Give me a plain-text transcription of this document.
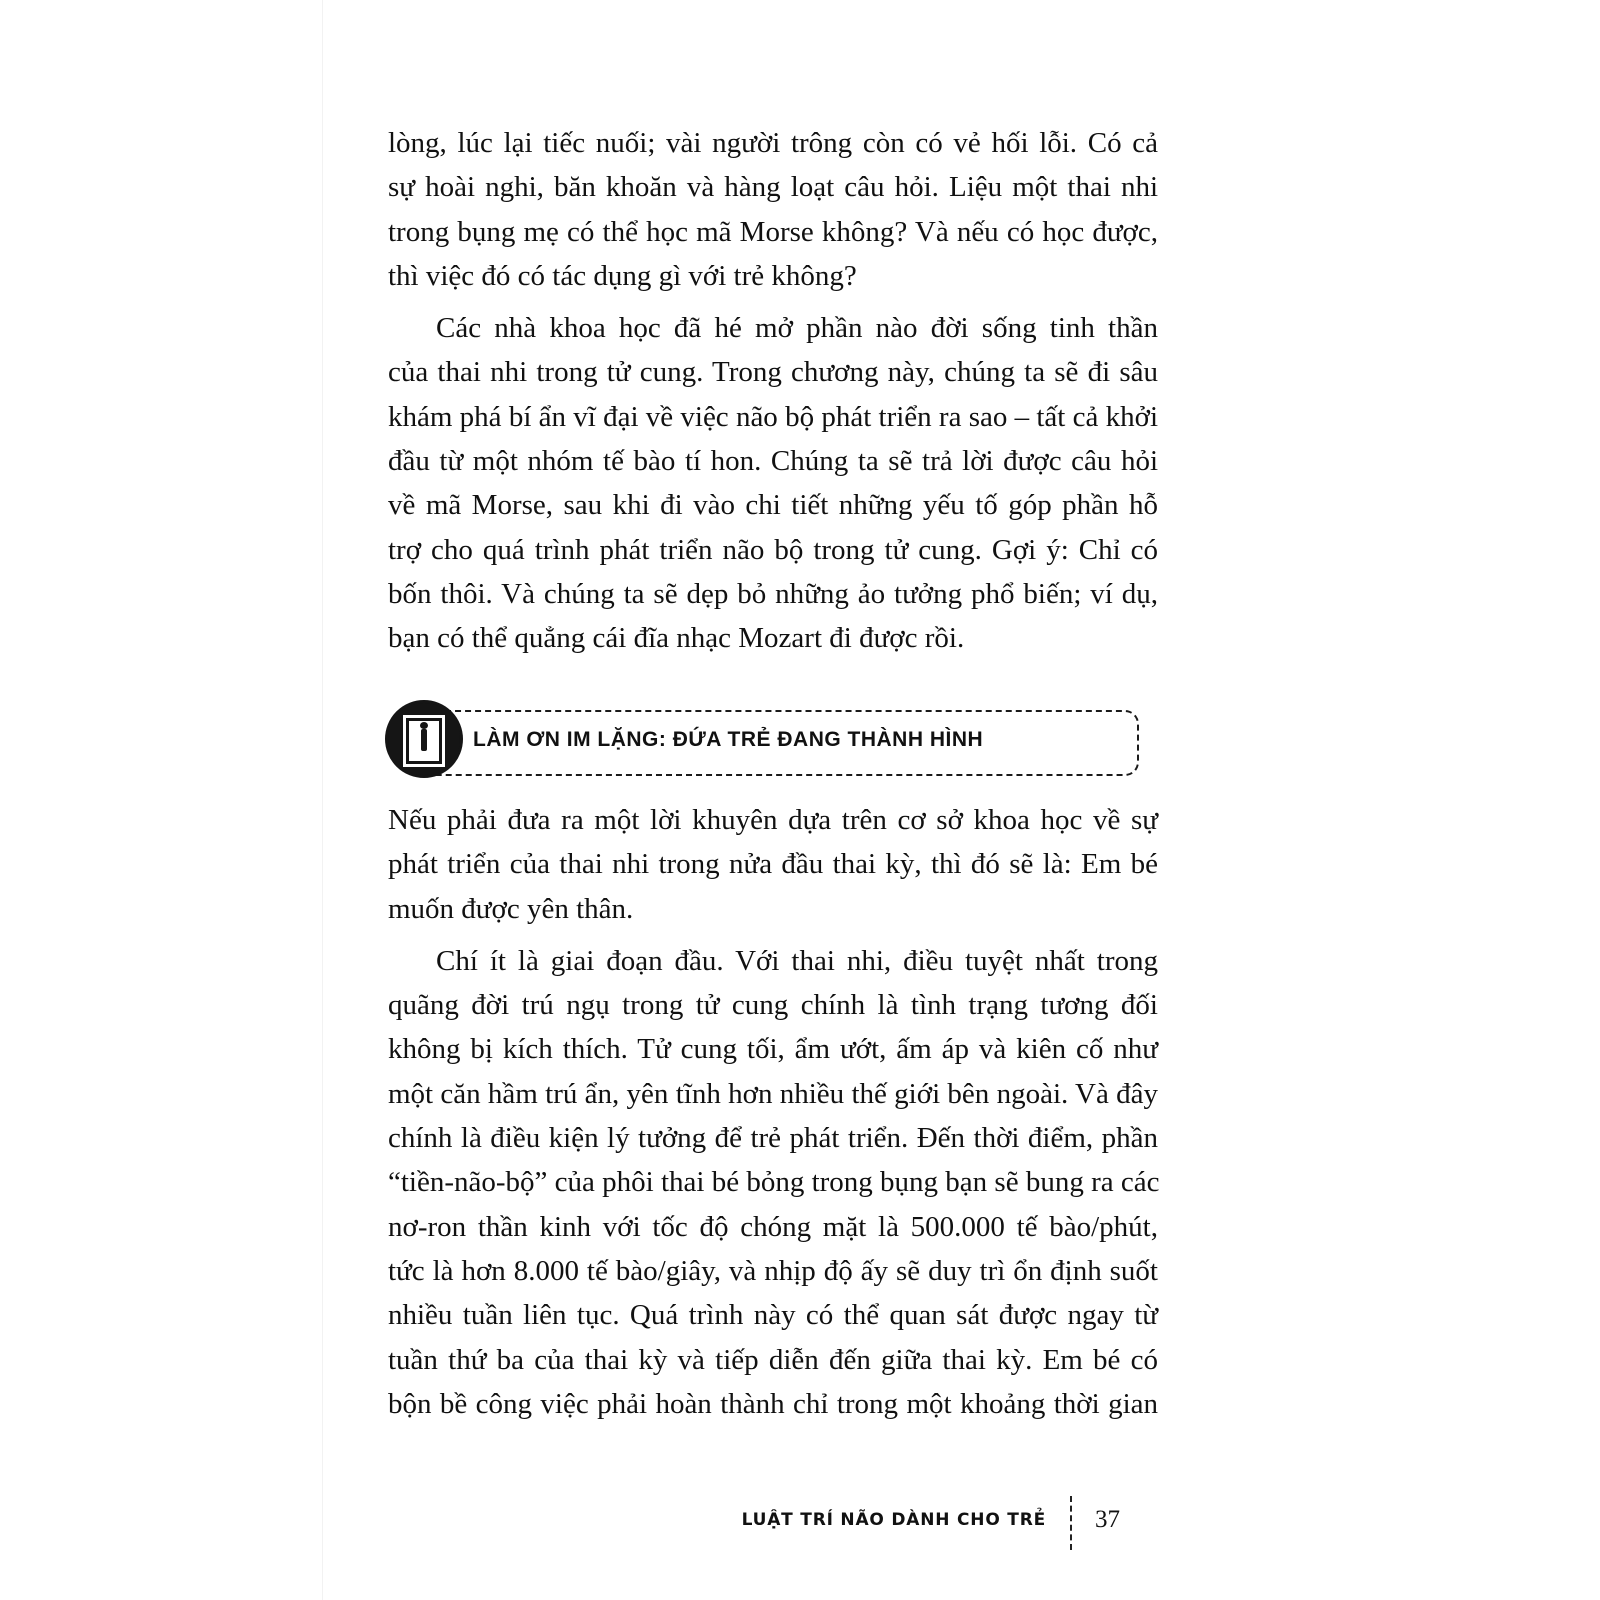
lòng, lúc lại tiếc nuối; vài người trông còn có vẻ hối lỗi. Có cả
sự hoài nghi, băn khoăn và hàng loạt câu hỏi. Liệu một thai nhi
trong bụng mẹ có thể học mã Morse không? Và nếu có học được,
thì việc đó có tác dụng gì với trẻ không?
Các nhà khoa học đã hé mở phần nào đời sống tinh thần
của thai nhi trong tử cung. Trong chương này, chúng ta sẽ đi sâu
khám phá bí ẩn vĩ đại về việc não bộ phát triển ra sao – tất cả khởi
đầu từ một nhóm tế bào tí hon. Chúng ta sẽ trả lời được câu hỏi
về mã Morse, sau khi đi vào chi tiết những yếu tố góp phần hỗ
trợ cho quá trình phát triển não bộ trong tử cung. Gợi ý: Chỉ có
bốn thôi. Và chúng ta sẽ dẹp bỏ những ảo tưởng phổ biến; ví dụ,
bạn có thể quẳng cái đĩa nhạc Mozart đi được rồi.
LÀM ƠN IM LẶNG: ĐỨA TRẺ ĐANG THÀNH HÌNH
Nếu phải đưa ra một lời khuyên dựa trên cơ sở khoa học về sự
phát triển của thai nhi trong nửa đầu thai kỳ, thì đó sẽ là: Em bé
muốn được yên thân.
Chí ít là giai đoạn đầu. Với thai nhi, điều tuyệt nhất trong
quãng đời trú ngụ trong tử cung chính là tình trạng tương đối
không bị kích thích. Tử cung tối, ẩm ướt, ấm áp và kiên cố như
một căn hầm trú ẩn, yên tĩnh hơn nhiều thế giới bên ngoài. Và đây
chính là điều kiện lý tưởng để trẻ phát triển. Đến thời điểm, phần
“tiền-não-bộ” của phôi thai bé bỏng trong bụng bạn sẽ bung ra các
nơ-ron thần kinh với tốc độ chóng mặt là 500.000 tế bào/phút,
tức là hơn 8.000 tế bào/giây, và nhịp độ ấy sẽ duy trì ổn định suốt
nhiều tuần liên tục. Quá trình này có thể quan sát được ngay từ
tuần thứ ba của thai kỳ và tiếp diễn đến giữa thai kỳ. Em bé có
bộn bề công việc phải hoàn thành chỉ trong một khoảng thời gian
LUẬT TRÍ NÃO DÀNH CHO TRẺ 37
